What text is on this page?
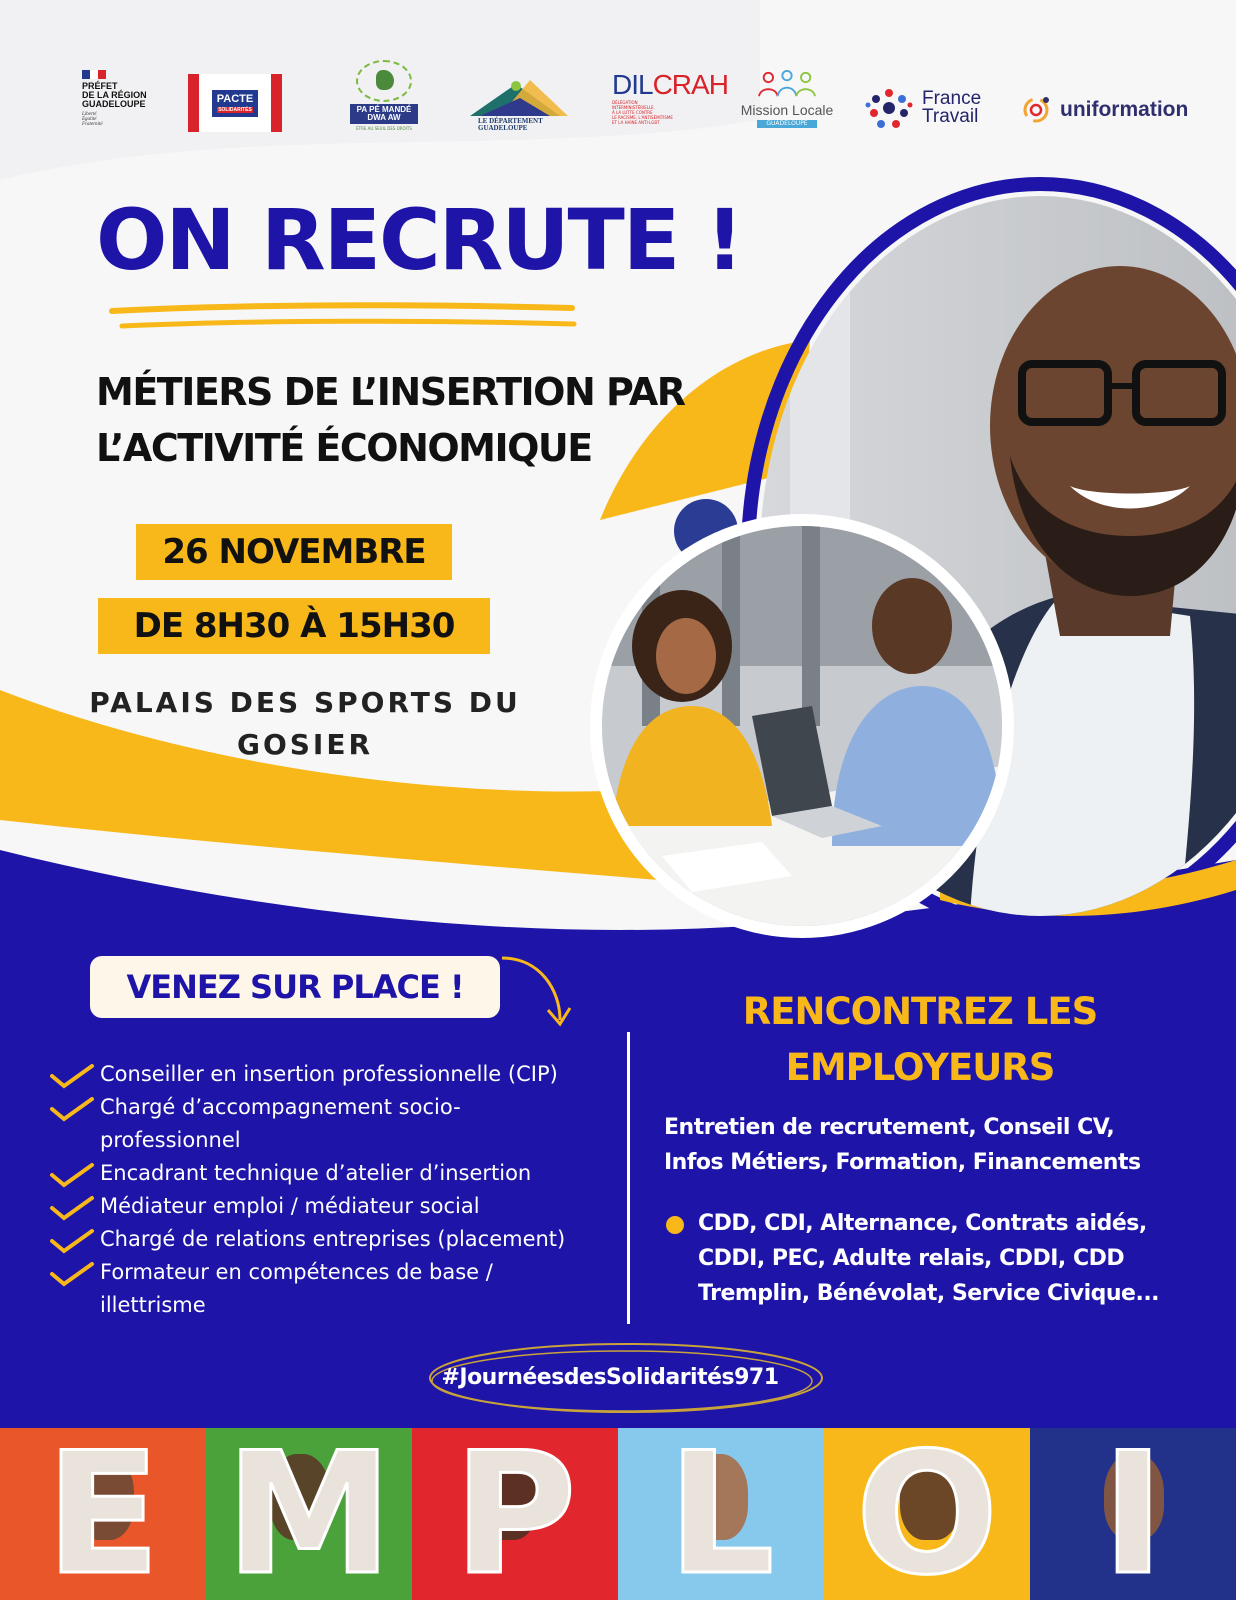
PRÉFET
DE LA RÉGION
GUADELOUPE
Liberté
Égalité
Fraternité
PACTE
SOLIDARITÉS	PA PÉ MANDÉ
DWA AW
ÉTRE AU SEUIL DES DROITS
LE DÉPARTEMENT
GUADELOUPE
DILCRAH
DÉLÉGATION
INTERMINISTÉRIELLE
À LA LUTTE CONTRE
LE RACISME, L'ANTISÉMITISME
ET LA HAINE ANTI-LGBT
Mission Locale
GUADELOUPE
France
Travail	uniformation
ON RECRUTE !
MÉTIERS DE L’INSERTION PAR
L’ACTIVITÉ ÉCONOMIQUE
26 NOVEMBRE
DE 8H30 À 15H30
PALAIS DES SPORTS DU
GOSIER
VENEZ SUR PLACE !
Conseiller en insertion professionnelle (CIP)
Chargé d’accompagnement socio-
professionnel
Encadrant technique d’atelier d’insertion
Médiateur emploi / médiateur social
Chargé de relations entreprises (placement)
Formateur en compétences de base /
illettrisme
RENCONTREZ LES
EMPLOYEURS
Entretien de recrutement, Conseil CV,
Infos Métiers, Formation, Financements
CDD, CDI, Alternance, Contrats aidés,
CDDI, PEC, Adulte relais, CDDI, CDD
Tremplin, Bénévolat, Service Civique...
#JournéesdesSolidarités971
E M P L O I
